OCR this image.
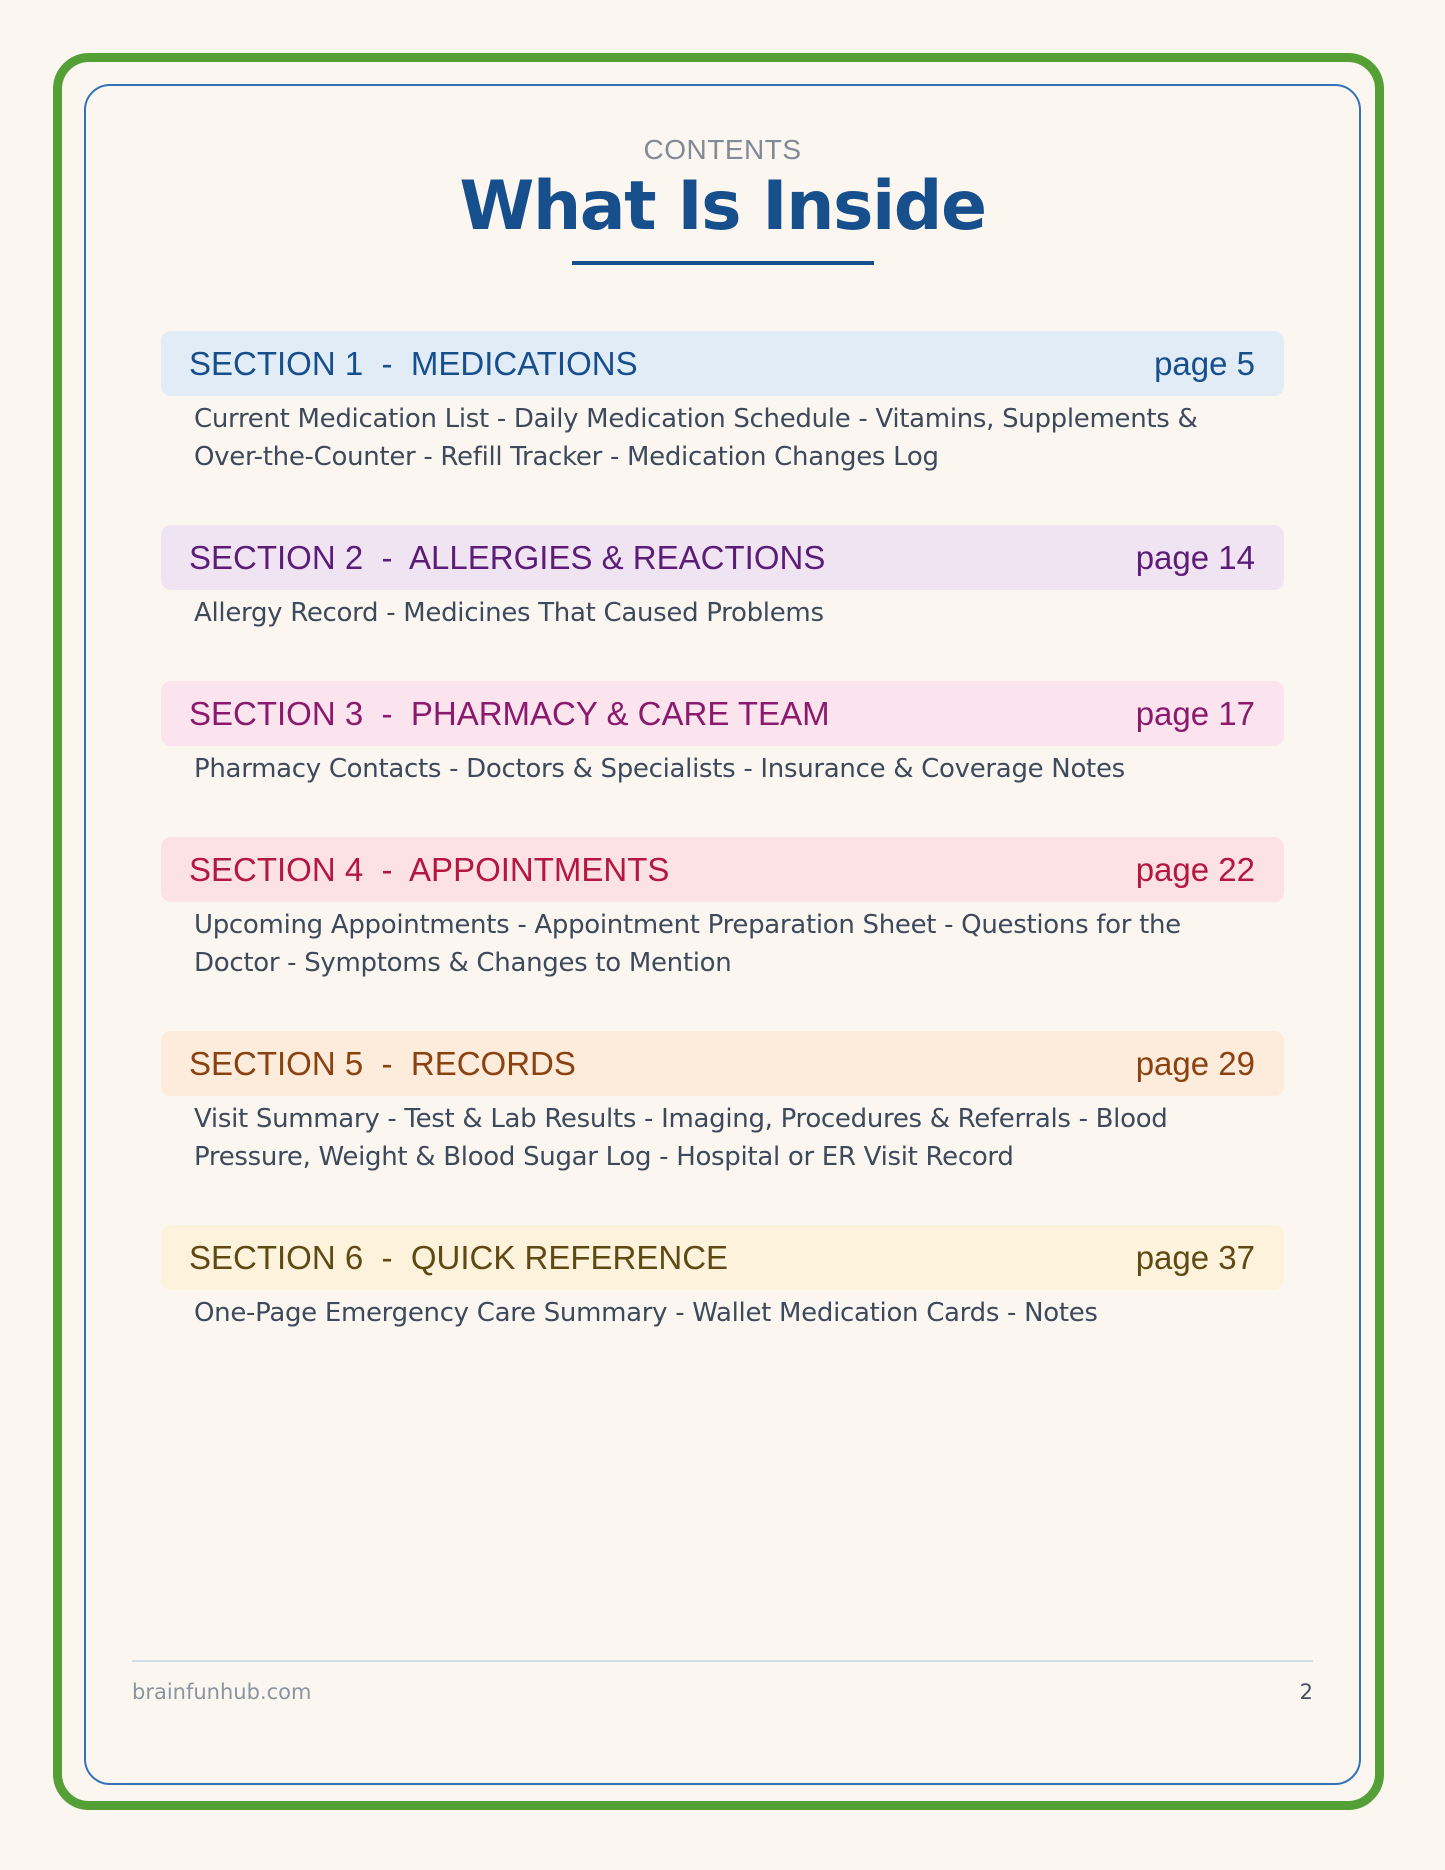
CONTENTS
What Is Inside
SECTION 1  -  MEDICATIONS	page 5
Current Medication List - Daily Medication Schedule - Vitamins, Supplements & Over-the-Counter - Refill Tracker - Medication Changes Log
SECTION 2  -  ALLERGIES & REACTIONS	page 14
Allergy Record - Medicines That Caused Problems
SECTION 3  -  PHARMACY & CARE TEAM	page 17
Pharmacy Contacts - Doctors & Specialists - Insurance & Coverage Notes
SECTION 4  -  APPOINTMENTS	page 22
Upcoming Appointments - Appointment Preparation Sheet - Questions for the Doctor - Symptoms & Changes to Mention
SECTION 5  -  RECORDS	page 29
Visit Summary - Test & Lab Results - Imaging, Procedures & Referrals - Blood Pressure, Weight & Blood Sugar Log - Hospital or ER Visit Record
SECTION 6  -  QUICK REFERENCE	page 37
One-Page Emergency Care Summary - Wallet Medication Cards - Notes
brainfunhub.com	2
